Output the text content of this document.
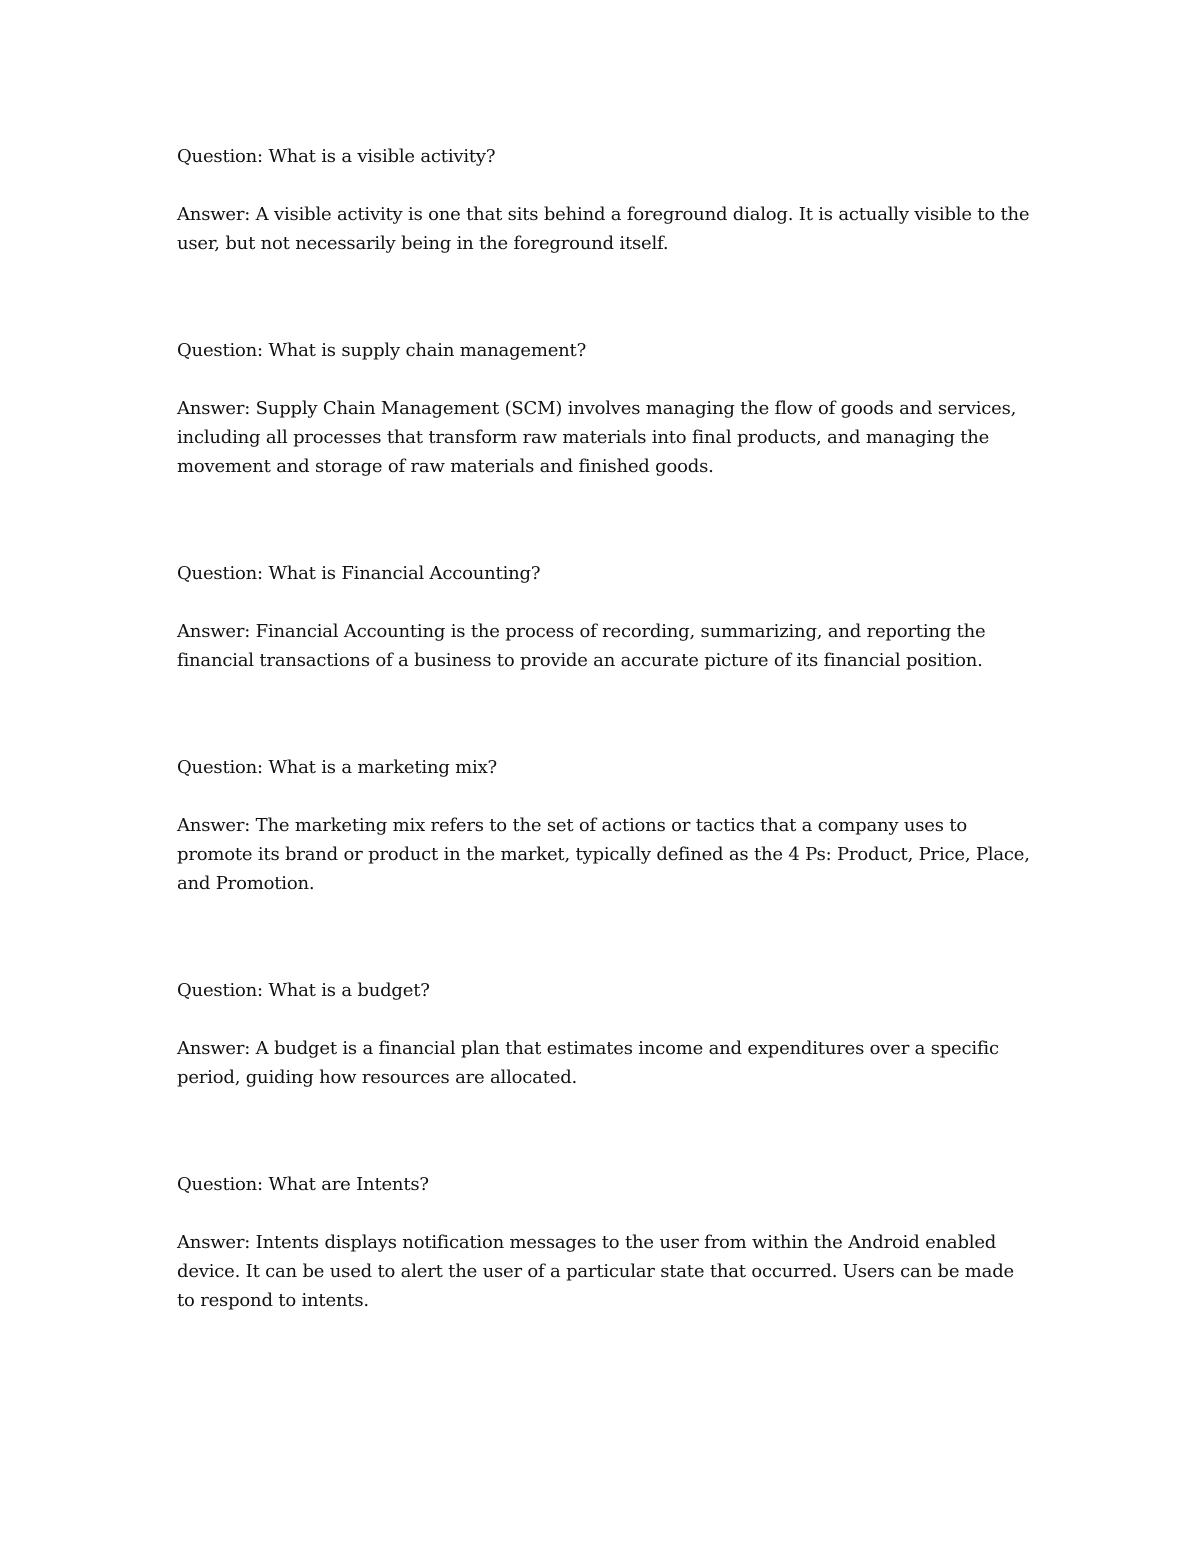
Question: What is a visible activity?

Answer: A visible activity is one that sits behind a foreground dialog. It is actually visible to the user, but not necessarily being in the foreground itself.

Question: What is supply chain management?

Answer: Supply Chain Management (SCM) involves managing the flow of goods and services, including all processes that transform raw materials into final products, and managing the movement and storage of raw materials and finished goods.

Question: What is Financial Accounting?

Answer: Financial Accounting is the process of recording, summarizing, and reporting the financial transactions of a business to provide an accurate picture of its financial position.

Question: What is a marketing mix?

Answer: The marketing mix refers to the set of actions or tactics that a company uses to promote its brand or product in the market, typically defined as the 4 Ps: Product, Price, Place, and Promotion.

Question: What is a budget?

Answer: A budget is a financial plan that estimates income and expenditures over a specific period, guiding how resources are allocated.

Question: What are Intents?

Answer: Intents displays notification messages to the user from within the Android enabled device. It can be used to alert the user of a particular state that occurred. Users can be made to respond to intents.
